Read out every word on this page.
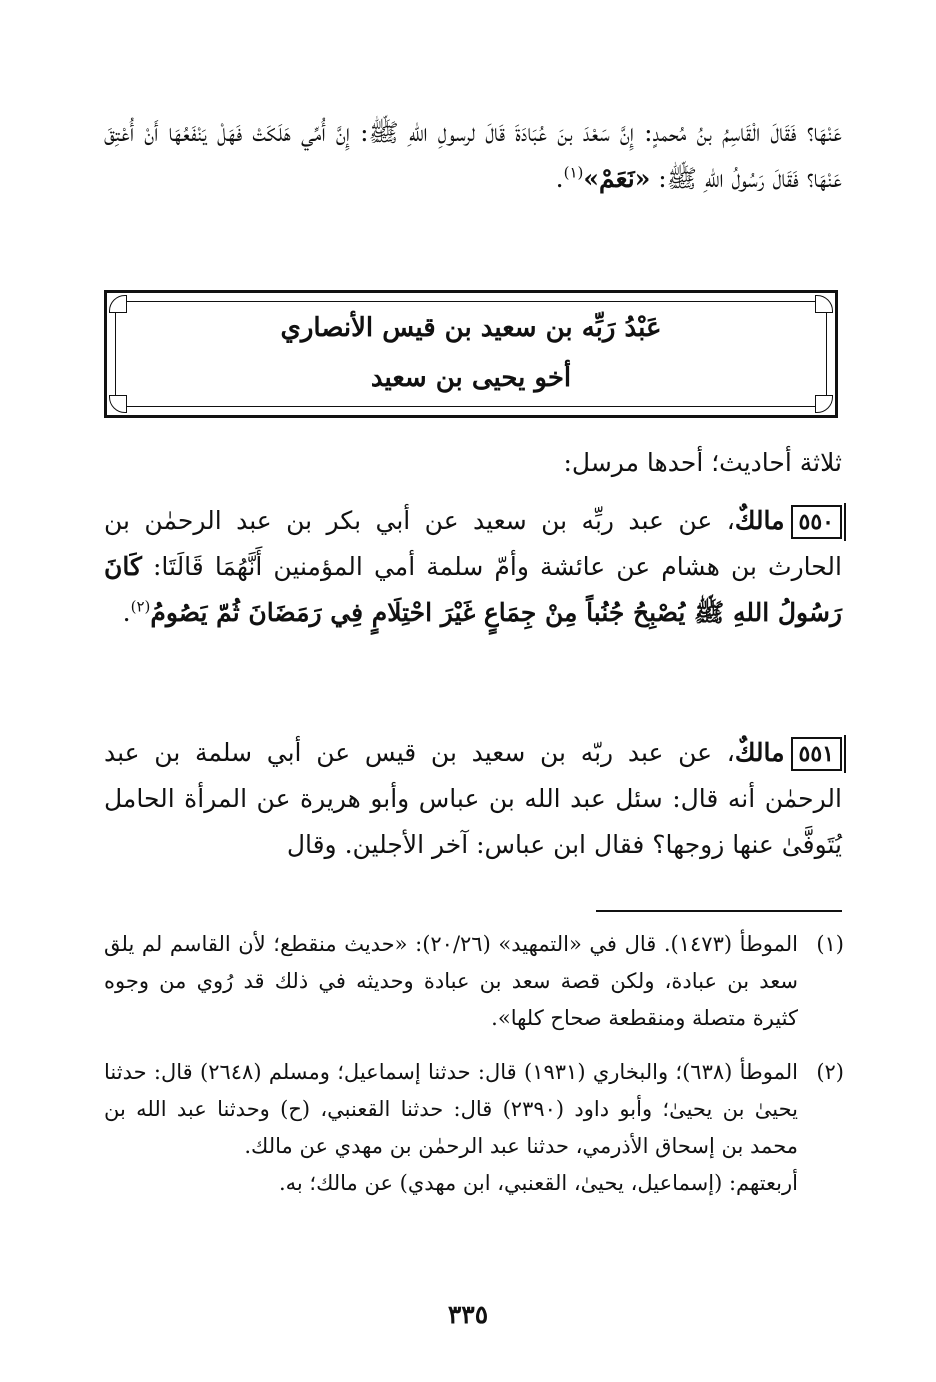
عَنْهَا؟ فَقَالَ الْقَاسِمُ بنُ مُحمدٍ: إِنَّ سَعْدَ بنَ عُبَادَةَ قَالَ لرسولِ اللهِ ﷺ: إِنَّ أُمِّي هَلَكَتْ فَهَلْ يَنْفَعُهَا أَنْ أُعْتِقَ عَنْهَا؟ فَقَالَ رَسُولُ اللهِ ﷺ: «نَعَمْ»$^{(١)}$.
عَبْدُ رَبِّه بن سعيد بن قيس الأنصاري
أخو يحيى بن سعيد
ثلاثة أحاديث؛ أحدها مرسل:
٥٥٠مالكٌ، عن عبد ربِّه بن سعيد عن أبي بكر بن عبد الرحمٰن بن الحارث بن هشام عن عائشة وأمّ سلمة أمي المؤمنين أَنَّهُمَا قَالَتَا: كَانَ رَسُولُ اللهِ ﷺ يُصْبِحُ جُنُباً مِنْ جِمَاعٍ غَيْرَ احْتِلَامٍ فِي رَمَضَانَ ثُمّ يَصُومُ$^{(٢)}$.
٥٥١مالكٌ، عن عبد ربّه بن سعيد بن قيس عن أبي سلمة بن عبد الرحمٰن أنه قال: سئل عبد الله بن عباس وأبو هريرة عن المرأة الحامل يُتَوفَّىٰ عنها زوجها؟ فقال ابن عباس: آخر الأجلين. وقال
(١)
الموطأ (١٤٧٣). قال في «التمهيد» (٢٠/٢٦): «حديث منقطع؛ لأن القاسم لم يلق سعد بن عبادة، ولكن قصة سعد بن عبادة وحديثه في ذلك قد رُوي من وجوه كثيرة متصلة ومنقطعة صحاح كلها».
(٢)
الموطأ (٦٣٨)؛ والبخاري (١٩٣١) قال: حدثنا إسماعيل؛ ومسلم (٢٦٤٨) قال: حدثنا يحيىٰ بن يحيىٰ؛ وأبو داود (٢٣٩٠) قال: حدثنا القعنبي، (ح) وحدثنا عبد الله بن محمد بن إسحاق الأذرمي، حدثنا عبد الرحمٰن بن مهدي عن مالك.
أربعتهم: (إسماعيل، يحيىٰ، القعنبي، ابن مهدي) عن مالك؛ به.
٣٣٥
